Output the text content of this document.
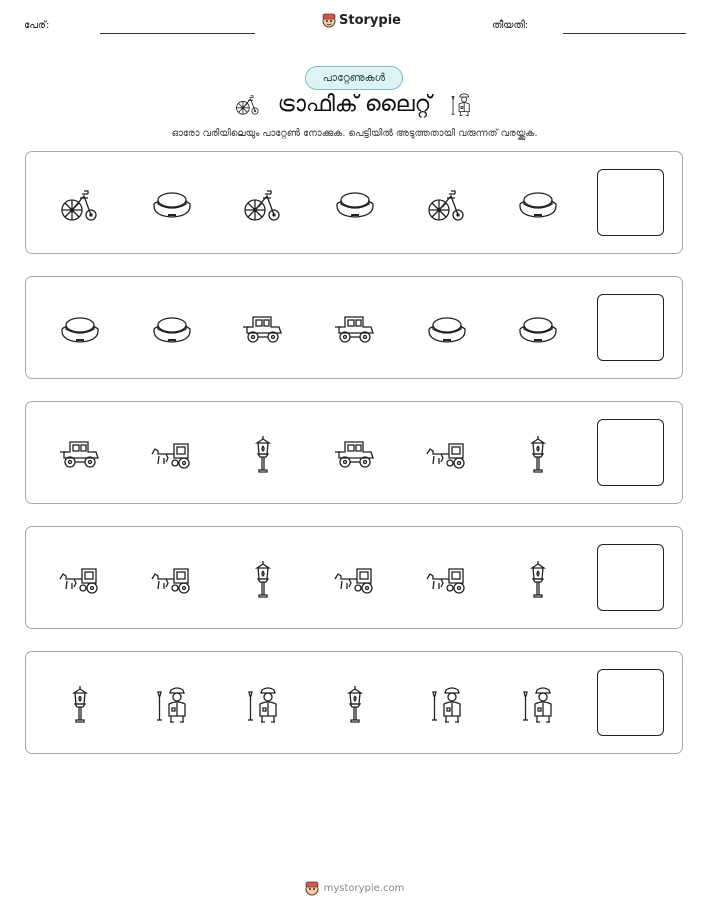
പേര്:	Storypie	തീയതി:
പാറ്റേണുകൾ
ട്രാഫിക് ലൈറ്റ്
ഓരോ വരിയിലെയും പാറ്റേൺ നോക്കുക. പെട്ടിയിൽ അടുത്തതായി വരുന്നത് വരയ്ക്കുക.
mystorypie.com
